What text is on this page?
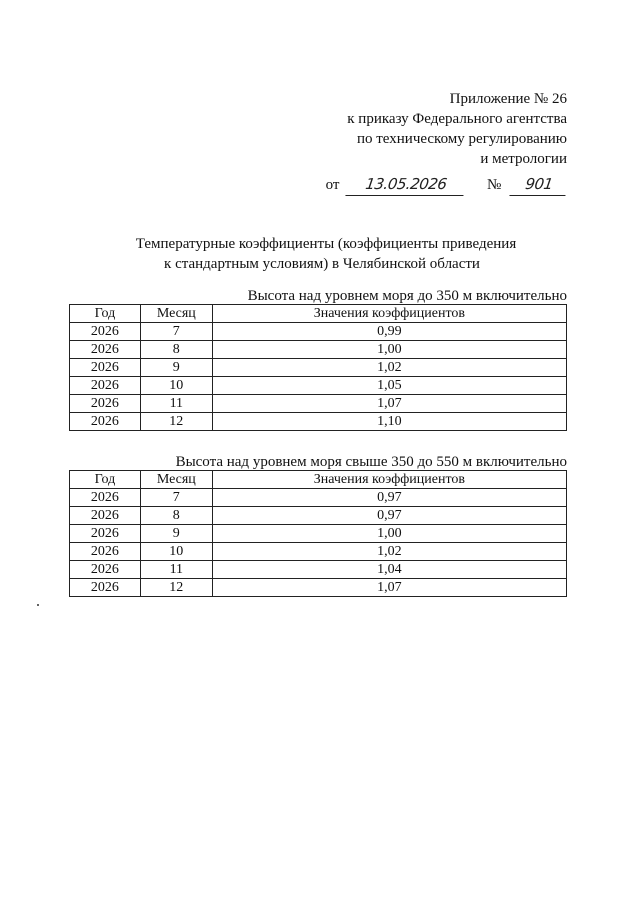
Приложение № 26
к приказу Федерального агентства
по техническому регулированию
и метрологии
от 13.05.2026	№ 901
Температурные коэффициенты (коэффициенты приведения
к стандартным условиям) в Челябинской области
Высота над уровнем моря до 350 м включительно
Год	Месяц	Значения коэффициентов
2026	7	0,99
2026	8	1,00
2026	9	1,02
2026	10	1,05
2026	11	1,07
2026	12	1,10
Высота над уровнем моря свыше 350 до 550 м включительно
Год	Месяц	Значения коэффициентов
2026	7	0,97
2026	8	0,97
2026	9	1,00
2026	10	1,02
2026	11	1,04
2026	12	1,07
